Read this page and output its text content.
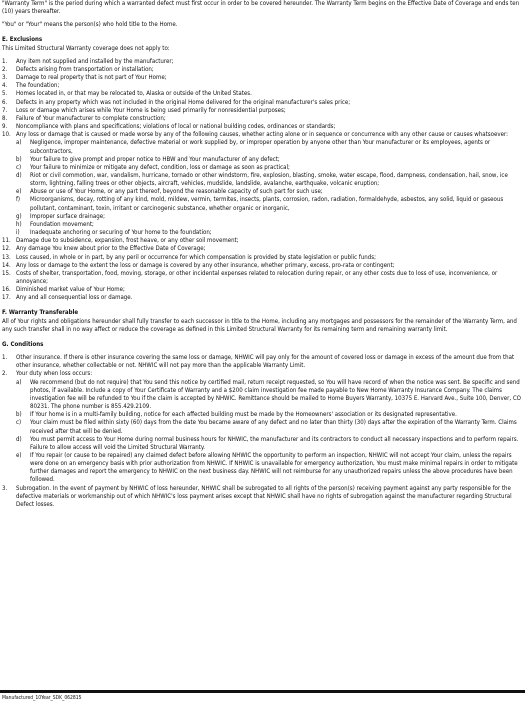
"Warranty Term" is the period during which a warranted defect must first occur in order to be covered hereunder. The Warranty Term begins on the Effective Date of Coverage and ends ten (10) years thereafter.

"You" or "Your" means the person(s) who hold title to the Home.

E. Exclusions

This Limited Structural Warranty coverage does not apply to:

1.	Any item not supplied and installed by the manufacturer;
2.	Defects arising from transportation or installation;
3.	Damage to real property that is not part of Your Home;
4.	The foundation;
5.	Homes located in, or that may be relocated to, Alaska or outside of the United States.
6.	Defects in any property which was not included in the original Home delivered for the original manufacturer's sales price;
7.	Loss or damage which arises while Your Home is being used primarily for nonresidential purposes;
8.	Failure of Your manufacturer to complete construction;
9.	Noncompliance with plans and specifications; violations of local or national building codes, ordinances or standards;
10. Any loss or damage that is caused or made worse by any of the following causes, whether acting alone or in sequence or concurrence with any other cause or causes whatsoever:
a)	Negligence, improper maintenance, defective material or work supplied by, or improper operation by anyone other than Your manufacturer or its employees, agents or subcontractors,
b)	Your failure to give prompt and proper notice to HBW and Your manufacturer of any defect;
c)	Your failure to minimize or mitigate any defect, condition, loss or damage as soon as practical;
d)	Riot or civil commotion, war, vandalism, hurricane, tornado or other windstorm, fire, explosion, blasting, smoke, water escape, flood, dampness, condensation, hail, snow, ice storm, lightning, falling trees or other objects, aircraft, vehicles, mudslide, landslide, avalanche, earthquake, volcanic eruption;
e)	Abuse or use of Your Home, or any part thereof, beyond the reasonable capacity of such part for such use;
f)	Microorganisms, decay, rotting of any kind, mold, mildew, vermin, termites, insects, plants, corrosion, radon, radiation, formaldehyde, asbestos, any solid, liquid or gaseous pollutant, contaminant, toxin, irritant or carcinogenic substance, whether organic or inorganic,
g)	Improper surface drainage;
h)	Foundation movement;
i)	Inadequate anchoring or securing of Your home to the foundation;
11. Damage due to subsidence, expansion, frost heave, or any other soil movement;
12. Any damage You knew about prior to the Effective Date of Coverage;
13. Loss caused, in whole or in part, by any peril or occurrence for which compensation is provided by state legislation or public funds;
14. Any loss or damage to the extent the loss or damage is covered by any other insurance, whether primary, excess, pro-rata or contingent;
15. Costs of shelter, transportation, food, moving, storage, or other incidental expenses related to relocation during repair, or any other costs due to loss of use, inconvenience, or annoyance;
16. Diminished market value of Your Home;
17. Any and all consequential loss or damage.

F. Warranty Transferable

All of Your rights and obligations hereunder shall fully transfer to each successor in title to the Home, including any mortgages and possessors for the remainder of the Warranty Term, and any such transfer shall in no way affect or reduce the coverage as defined in this Limited Structural Warranty for its remaining term and remaining warranty limit.

G. Conditions

1.	Other insurance. If there is other insurance covering the same loss or damage, NHWIC will pay only for the amount of covered loss or damage in excess of the amount due from that other insurance, whether collectable or not. NHWIC will not pay more than the applicable Warranty Limit.
2.	Your duty when loss occurs:
a)	We recommend (but do not require) that You send this notice by certified mail, return receipt requested, so You will have record of when the notice was sent. Be specific and send photos, if available. Include a copy of Your Certificate of Warranty and a $200 claim investigation fee made payable to New Home Warranty Insurance Company. The claims investigation fee will be refunded to You if the claim is accepted by NHWIC. Remittance should be mailed to Home Buyers Warranty, 10375 E. Harvard Ave., Suite 100, Denver, CO 80231. The phone number is 855.429.2109.
b)	If Your home is in a multi-family building, notice for each affected building must be made by the Homeowners' association or its designated representative.
c)	Your claim must be filed within sixty (60) days from the date You became aware of any defect and no later than thirty (30) days after the expiration of the Warranty Term. Claims received after that will be denied.
d)	You must permit access to Your Home during normal business hours for NHWIC, the manufacturer and its contractors to conduct all necessary inspections and to perform repairs. Failure to allow access will void the Limited Structural Warranty.
e)	If You repair (or cause to be repaired) any claimed defect before allowing NHWIC the opportunity to perform an inspection, NHWIC will not accept Your claim, unless the repairs were done on an emergency basis with prior authorization from NHWIC. If NHWIC is unavailable for emergency authorization, You must make minimal repairs in order to mitigate further damages and report the emergency to NHWIC on the next business day. NHWIC will not reimburse for any unauthorized repairs unless the above procedures have been followed.
3.	Subrogation. In the event of payment by NHWIC of loss hereunder, NHWIC shall be subrogated to all rights of the person(s) receiving payment against any party responsible for the defective materials or workmanship out of which NHWIC's loss payment arises except that NHWIC shall have no rights of subrogation against the manufacturer regarding Structural Defect losses.
Manufactured_10Year_SDK_062815
